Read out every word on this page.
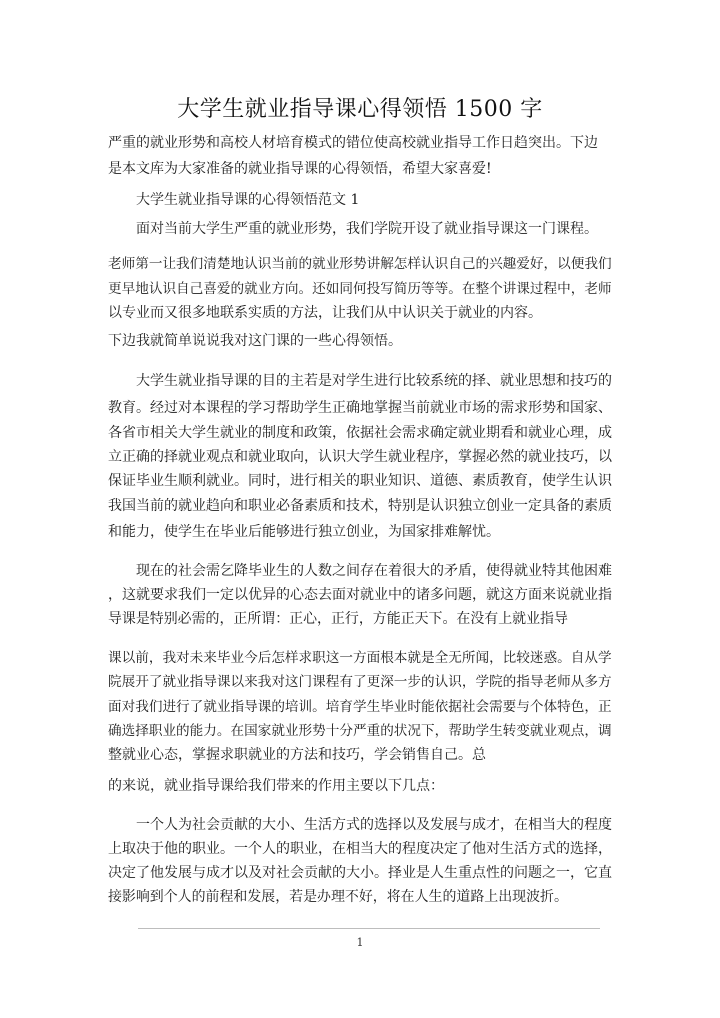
大学生就业指导课心得领悟 1500 字
严重的就业形势和高校人材培育模式的错位使高校就业指导工作日趋突出。下边
是本文库为大家准备的就业指导课的心得领悟，希望大家喜爱!
大学生就业指导课的心得领悟范文 1
面对当前大学生严重的就业形势，我们学院开设了就业指导课这一门课程。
老师第一让我们清楚地认识当前的就业形势讲解怎样认识自己的兴趣爱好，以便我们
更早地认识自己喜爱的就业方向。还如同何投写简历等等。在整个讲课过程中，老师
以专业而又很多地联系实质的方法，让我们从中认识关于就业的内容。
下边我就简单说说我对这门课的一些心得领悟。
大学生就业指导课的目的主若是对学生进行比较系统的择、就业思想和技巧的
教育。经过对本课程的学习帮助学生正确地掌握当前就业市场的需求形势和国家、
各省市相关大学生就业的制度和政策，依据社会需求确定就业期看和就业心理，成
立正确的择就业观点和就业取向，认识大学生就业程序，掌握必然的就业技巧，以
保证毕业生顺利就业。同时，进行相关的职业知识、道德、素质教育，使学生认识
我国当前的就业趋向和职业必备素质和技术，特别是认识独立创业一定具备的素质
和能力，使学生在毕业后能够进行独立创业，为国家排难解忧。
现在的社会需乞降毕业生的人数之间存在着很大的矛盾，使得就业特其他困难
，这就要求我们一定以优异的心态去面对就业中的诸多问题，就这方面来说就业指
导课是特别必需的，正所谓：正心，正行，方能正天下。在没有上就业指导
课以前，我对未来毕业今后怎样求职这一方面根本就是全无所闻，比较迷惑。自从学
院展开了就业指导课以来我对这门课程有了更深一步的认识，学院的指导老师从多方
面对我们进行了就业指导课的培训。培育学生毕业时能依据社会需要与个体特色，正
确选择职业的能力。在国家就业形势十分严重的状况下，帮助学生转变就业观点，调
整就业心态，掌握求职就业的方法和技巧，学会销售自己。总
的来说，就业指导课给我们带来的作用主要以下几点：
一个人为社会贡献的大小、生活方式的选择以及发展与成才，在相当大的程度
上取决于他的职业。一个人的职业，在相当大的程度决定了他对生活方式的选择，
决定了他发展与成才以及对社会贡献的大小。择业是人生重点性的问题之一，它直
接影响到个人的前程和发展，若是办理不好，将在人生的道路上出现波折。
1
